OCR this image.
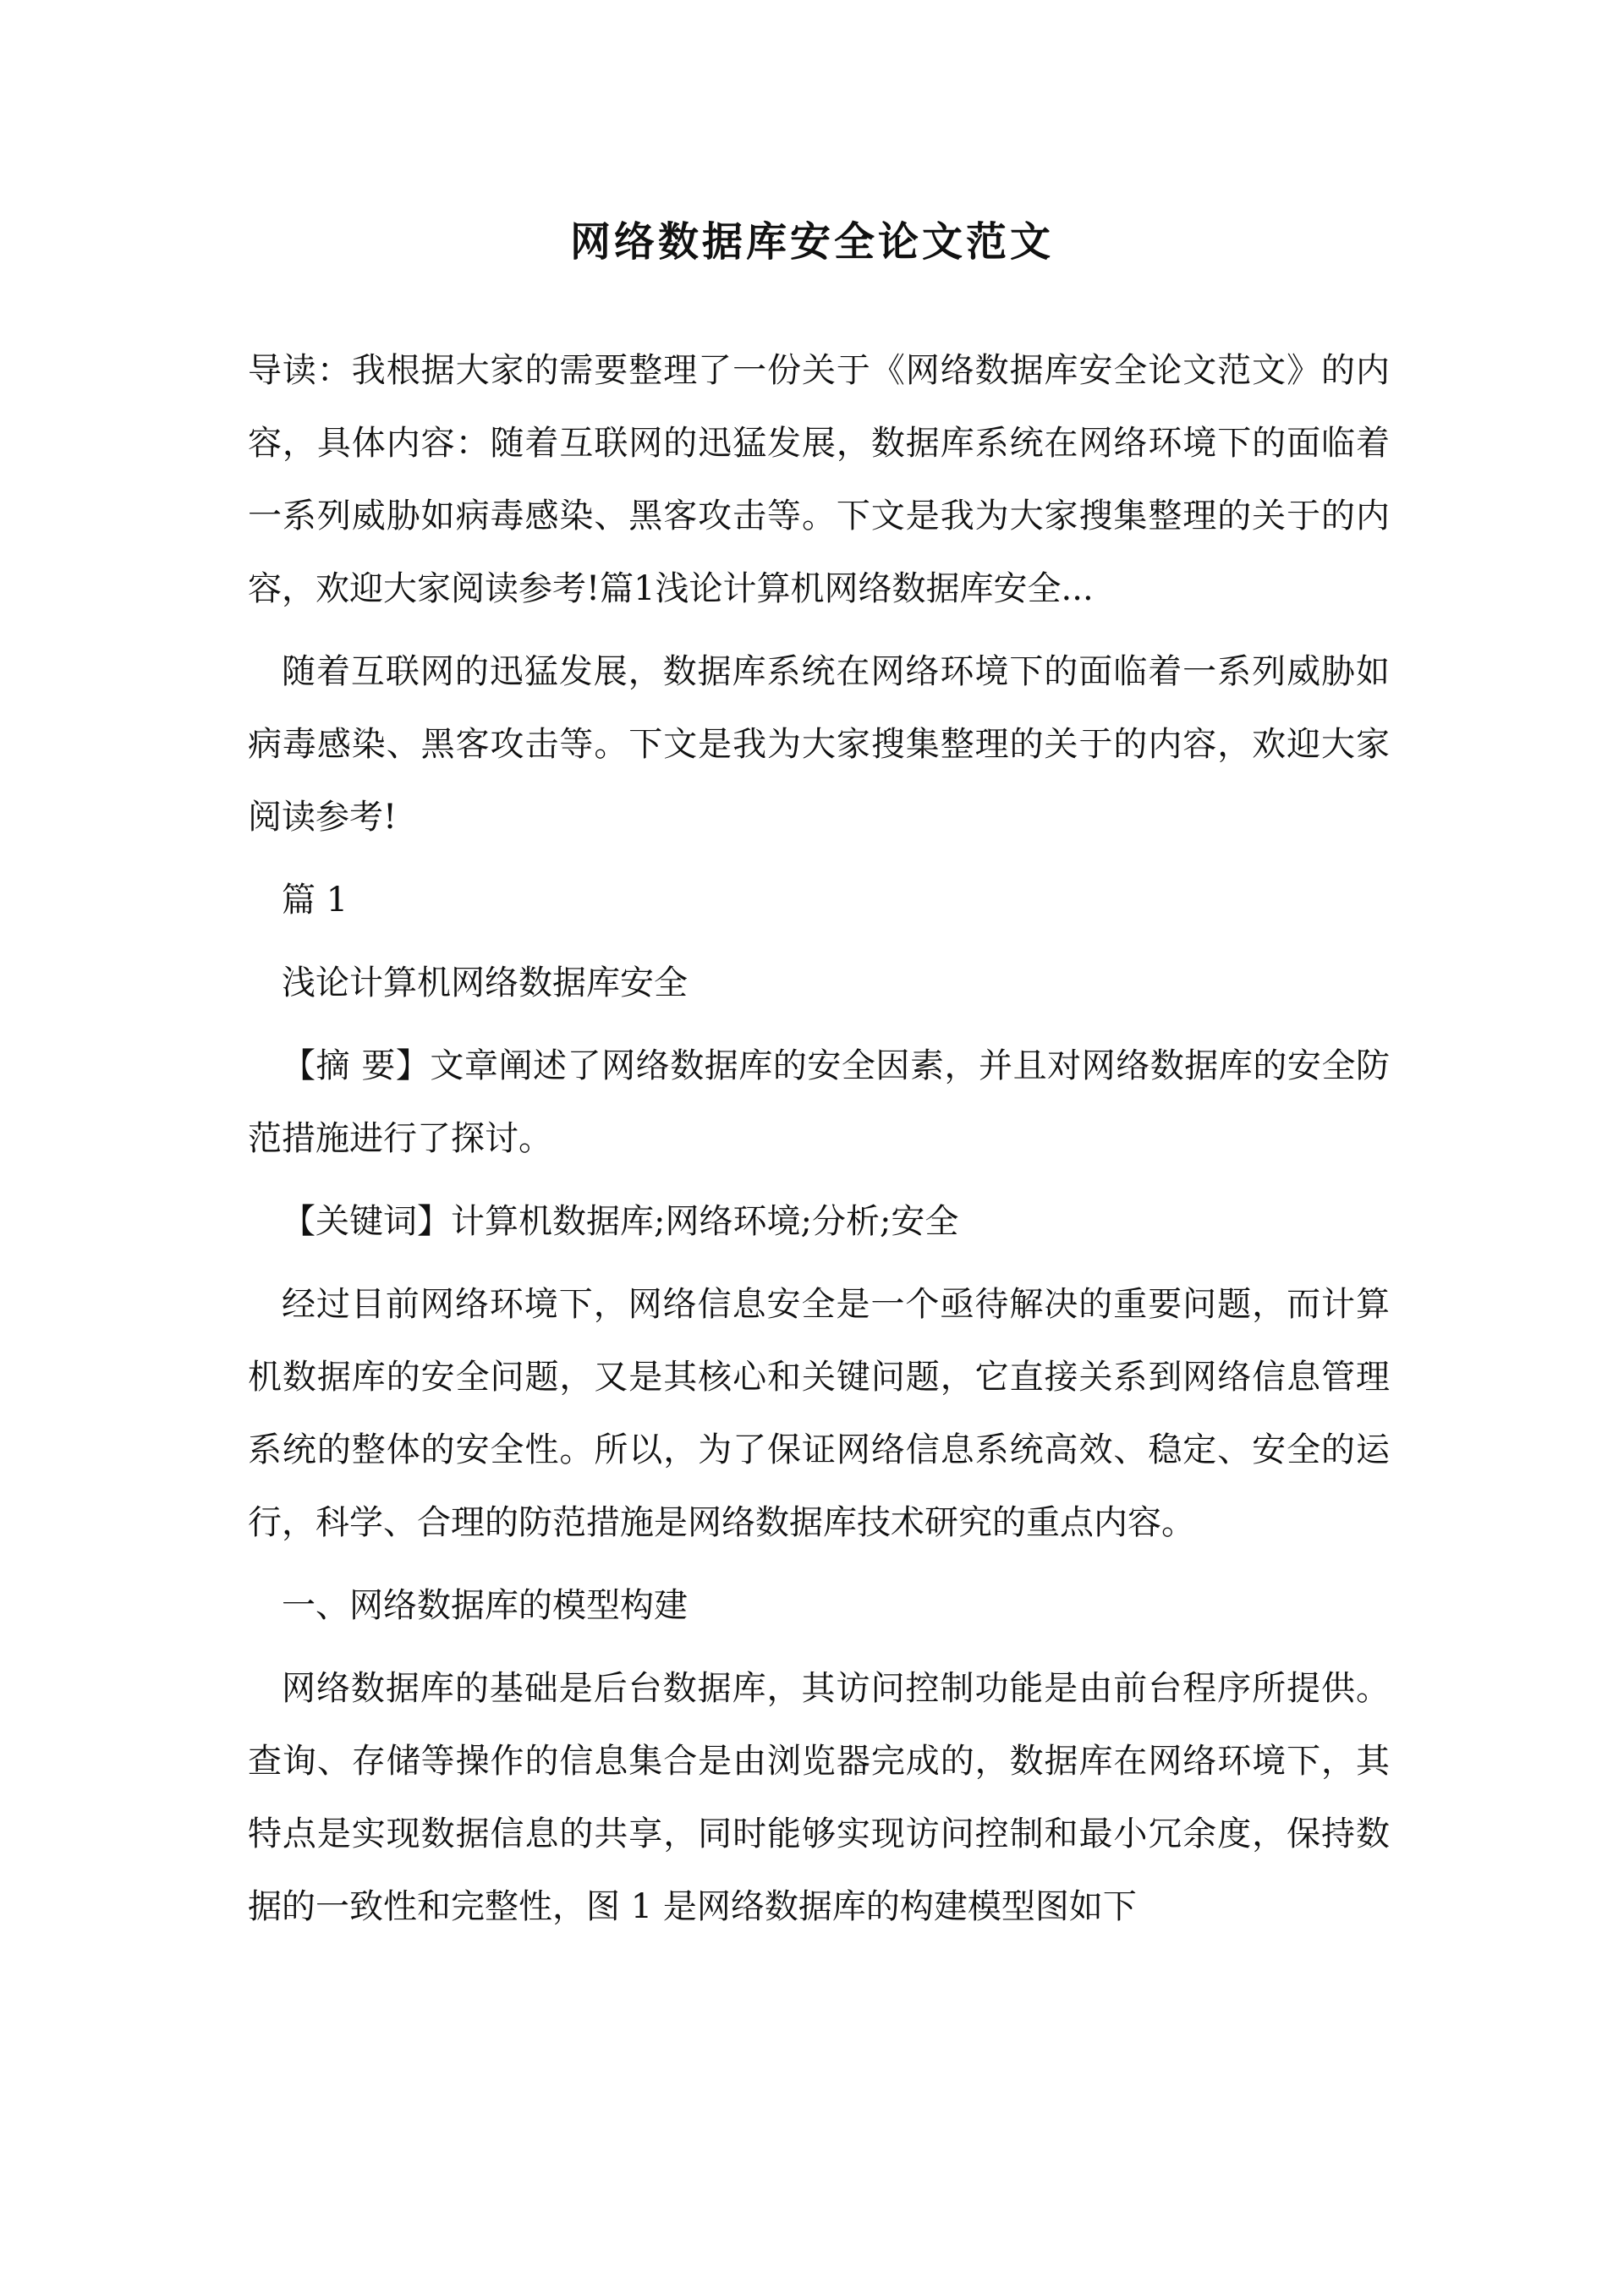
网络数据库安全论文范文

导读：我根据大家的需要整理了一份关于《网络数据库安全论文范文》的内容，具体内容：随着互联网的迅猛发展，数据库系统在网络环境下的面临着一系列威胁如病毒感染、黑客攻击等。下文是我为大家搜集整理的关于的内容，欢迎大家阅读参考!篇1浅论计算机网络数据库安全...

随着互联网的迅猛发展，数据库系统在网络环境下的面临着一系列威胁如病毒感染、黑客攻击等。下文是我为大家搜集整理的关于的内容，欢迎大家阅读参考!

篇 1

浅论计算机网络数据库安全

【摘 要】文章阐述了网络数据库的安全因素，并且对网络数据库的安全防范措施进行了探讨。

【关键词】计算机数据库;网络环境;分析;安全

经过目前网络环境下，网络信息安全是一个亟待解决的重要问题，而计算机数据库的安全问题，又是其核心和关键问题，它直接关系到网络信息管理系统的整体的安全性。所以，为了保证网络信息系统高效、稳定、安全的运行，科学、合理的防范措施是网络数据库技术研究的重点内容。

一、网络数据库的模型构建

网络数据库的基础是后台数据库，其访问控制功能是由前台程序所提供。查询、存储等操作的信息集合是由浏览器完成的，数据库在网络环境下，其特点是实现数据信息的共享，同时能够实现访问控制和最小冗余度，保持数据的一致性和完整性，图 1 是网络数据库的构建模型图如下
